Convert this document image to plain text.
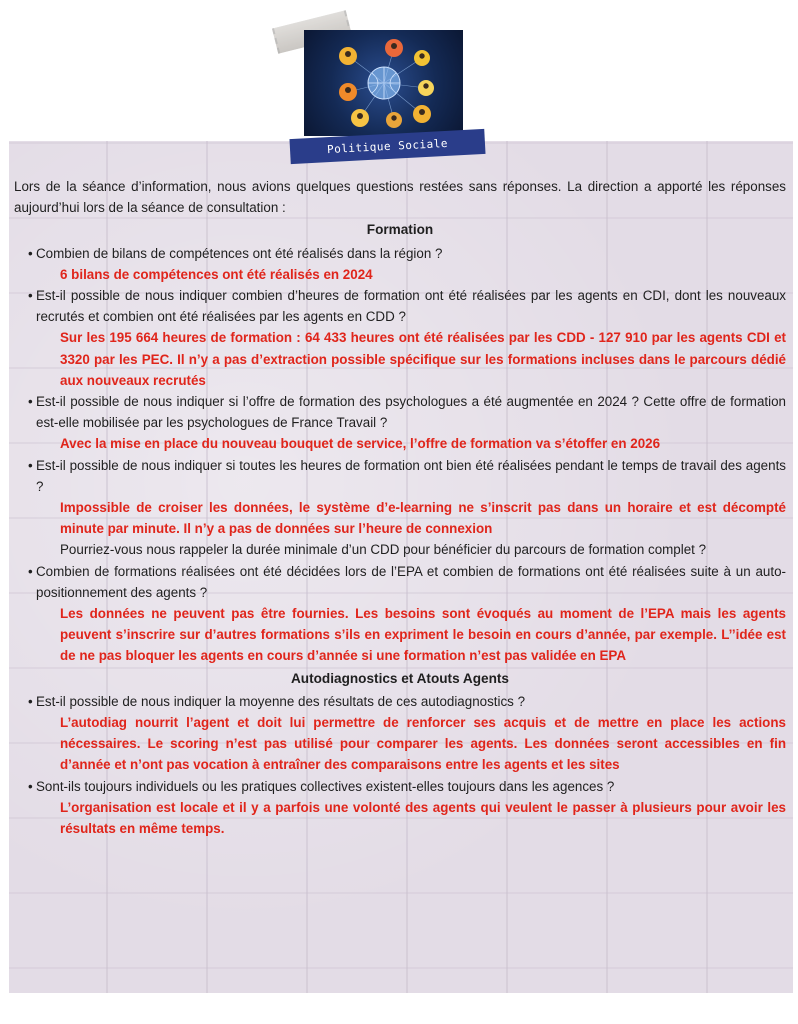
Politique Sociale

Lors de la séance d’information, nous avions quelques questions restées sans réponses. La direction a apporté les réponses aujourd’hui lors de la séance de consultation :

Formation

• Combien de bilans de compétences ont été réalisés dans la région ?

6 bilans de compétences ont été réalisés en 2024

• Est-il possible de nous indiquer combien d’heures de formation ont été réalisées par les agents en CDI, dont les nouveaux recrutés et combien ont été réalisées par les agents en CDD ?

Sur les 195 664 heures de formation : 64 433 heures ont été réalisées par les CDD - 127 910 par les agents CDI et 3320 par les PEC. Il n’y a pas d’extraction possible spécifique sur les formations incluses dans le parcours dédié aux nouveaux recrutés

• Est-il possible de nous indiquer si l’offre de formation des psychologues a été augmentée en 2024 ? Cette offre de formation est-elle mobilisée par les psychologues de France Travail ?

Avec la mise en place du nouveau bouquet de service, l’offre de formation va s’étoffer en 2026

• Est-il possible de nous indiquer si toutes les heures de formation ont bien été réalisées pendant le temps de travail des agents ?

Impossible de croiser les données, le système d’e-learning ne s’inscrit pas dans un horaire et est décompté minute par minute. Il n’y a pas de données sur l’heure de connexion

Pourriez-vous nous rappeler la durée minimale d’un CDD pour bénéficier du parcours de formation complet ?

• Combien de formations réalisées ont été décidées lors de l’EPA et combien de formations ont été réalisées suite à un auto-positionnement des agents ?

Les données ne peuvent pas être fournies. Les besoins sont évoqués au moment de l’EPA mais les agents peuvent s’inscrire sur d’autres formations s’ils en expriment le besoin en cours d’année, par exemple. L’’idée est de ne pas bloquer les agents en cours d’année si une formation n’est pas validée en EPA

Autodiagnostics et Atouts Agents

• Est-il possible de nous indiquer la moyenne des résultats de ces autodiagnostics ?

L’autodiag nourrit l’agent et doit lui permettre de renforcer ses acquis et de mettre en place les actions nécessaires. Le scoring n’est pas utilisé pour comparer les agents. Les données seront accessibles en fin d’année et n’ont pas vocation à entraîner des comparaisons entre les agents et les sites

• Sont-ils toujours individuels ou les pratiques collectives existent-elles toujours dans les agences ?

L’organisation est locale et il y a parfois une volonté des agents qui veulent le passer à plusieurs pour avoir les résultats en même temps.
